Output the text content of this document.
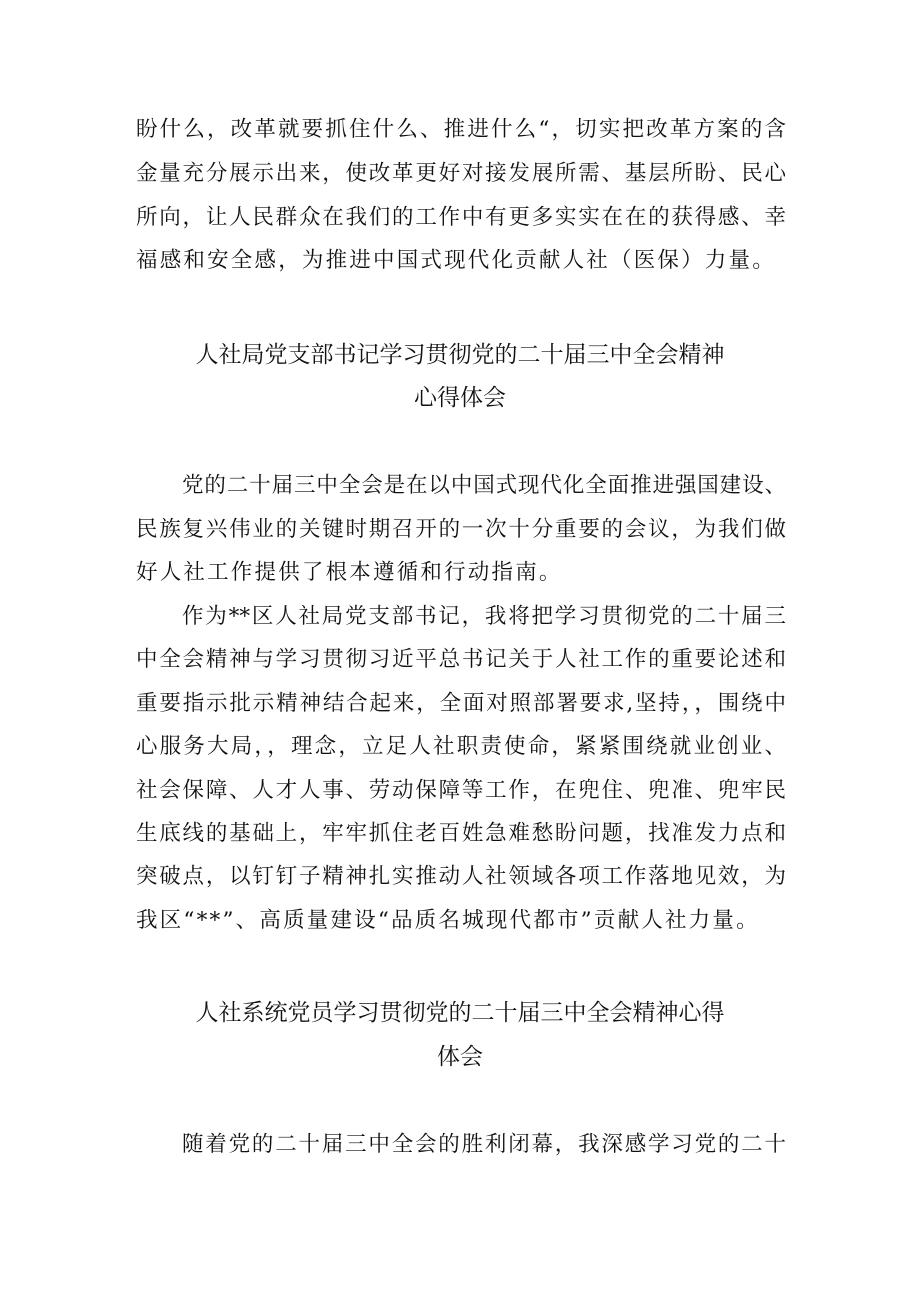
盼什么，改革就要抓住什么、推进什么“，切实把改革方案的含
金量充分展示出来，使改革更好对接发展所需、基层所盼、民心
所向，让人民群众在我们的工作中有更多实实在在的获得感、幸
福感和安全感，为推进中国式现代化贡献人社（医保）力量。
人社局党支部书记学习贯彻党的二十届三中全会精神
心得体会
党的二十届三中全会是在以中国式现代化全面推进强国建设、
民族复兴伟业的关键时期召开的一次十分重要的会议，为我们做
好人社工作提供了根本遵循和行动指南。
作为**区人社局党支部书记，我将把学习贯彻党的二十届三
中全会精神与学习贯彻习近平总书记关于人社工作的重要论述和
重要指示批示精神结合起来，全面对照部署要求,坚持，，围绕中
心服务大局，，理念，立足人社职责使命，紧紧围绕就业创业、
社会保障、人才人事、劳动保障等工作，在兜住、兜准、兜牢民
生底线的基础上，牢牢抓住老百姓急难愁盼问题，找准发力点和
突破点，以钉钉子精神扎实推动人社领域各项工作落地见效，为
我区“**”、高质量建设“品质名城现代都市”贡献人社力量。
人社系统党员学习贯彻党的二十届三中全会精神心得
体会
随着党的二十届三中全会的胜利闭幕，我深感学习党的二十
